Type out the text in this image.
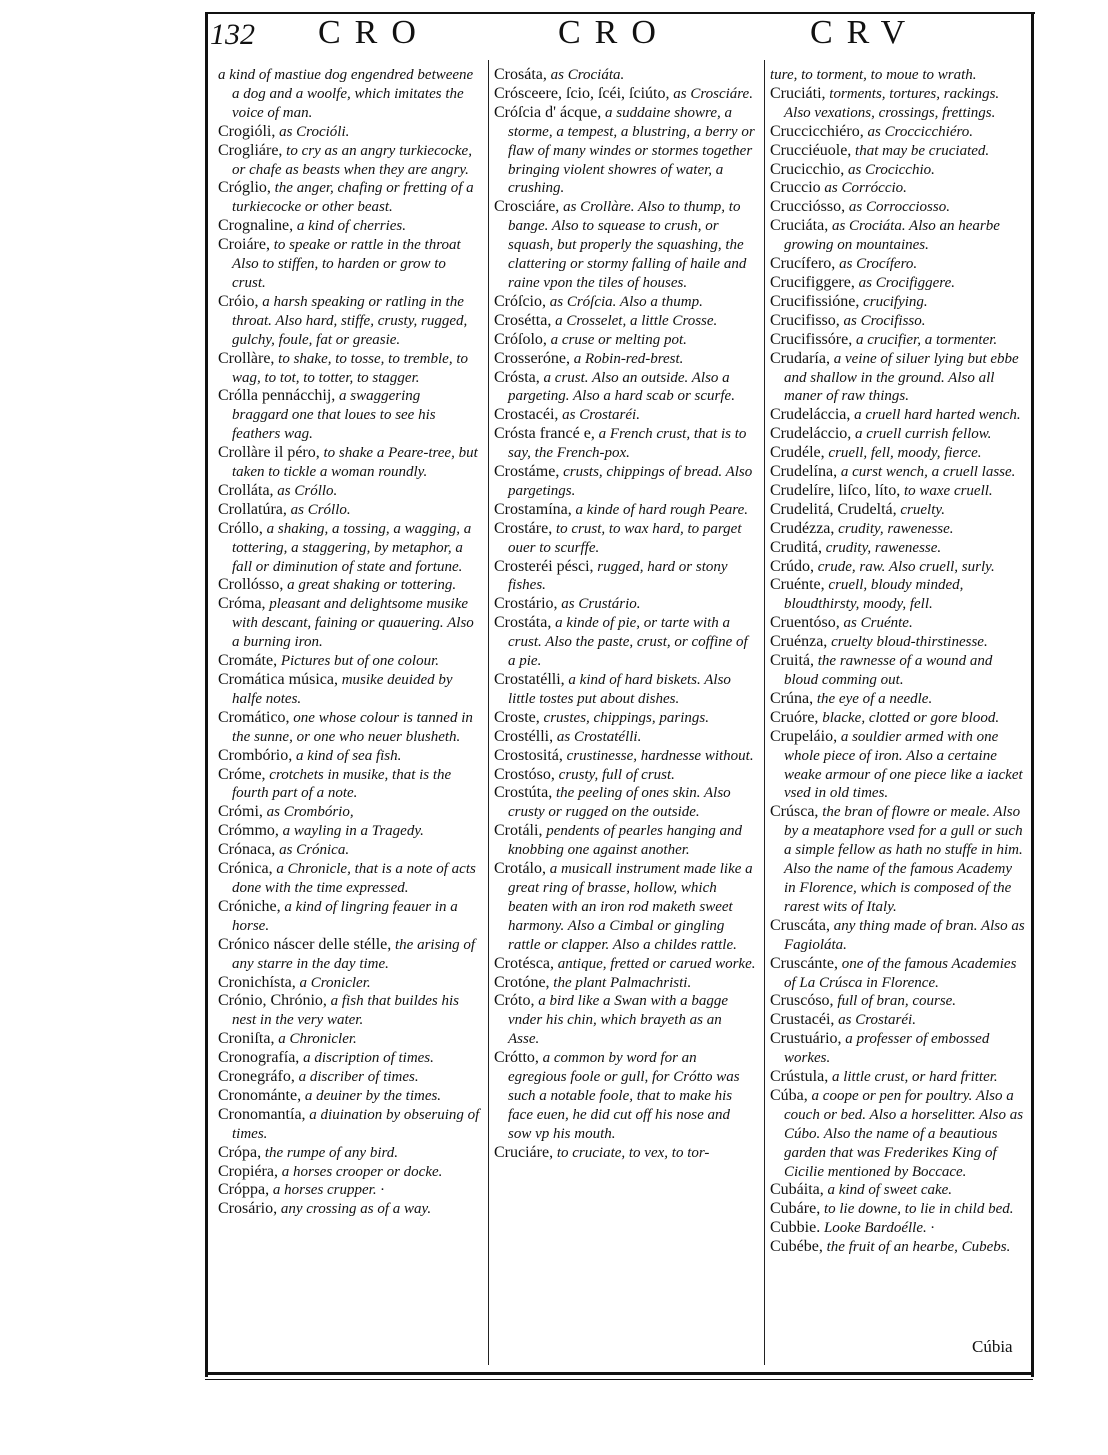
132 CRO	CRO	CRV

a kind of mastiue dog engendred betweene a dog and a woolfe, which imitates the voice of man.

Crogióli, as Crocióli.

Crogliáre, to cry as an angry turkiecocke, or chafe as beasts when they are angry.

Cróglio, the anger, chafing or fretting of a turkiecocke or other beast.

Crognaline, a kind of cherries.

Croiáre, to speake or rattle in the throat Also to stiffen, to harden or grow to crust.

Cróio, a harsh speaking or ratling in the throat. Also hard, stiffe, crusty, rugged, gulchy, foule, fat or greasie.

Crollàre, to shake, to tosse, to tremble, to wag, to tot, to totter, to stagger.

Crólla pennácchij, a swaggering braggard one that loues to see his feathers wag.

Crollàre il péro, to shake a Peare-tree, but taken to tickle a woman roundly.

Crolláta, as Cróllo.

Crollatúra, as Cróllo.

Cróllo, a shaking, a tossing, a wagging, a tottering, a staggering, by metaphor, a fall or diminution of state and fortune.

Crollósso, a great shaking or tottering.

Cróma, pleasant and delightsome musike with descant, faining or quauering. Also a burning iron.

Cromáte, Pictures but of one colour.

Cromática música, musike deuided by halfe notes.

Cromático, one whose colour is tanned in the sunne, or one who neuer blusheth.

Crombório, a kind of sea fish.

Cróme, crotchets in musike, that is the fourth part of a note.

Crómi, as Crombório,

Crómmo, a wayling in a Tragedy.

Crónaca, as Crónica.

Crónica, a Chronicle, that is a note of acts done with the time expressed.

Cróniche, a kind of lingring feauer in a horse.

Crónico náscer delle stélle, the arising of any starre in the day time.

Cronichísta, a Cronicler.

Crónio, Chrónio, a fish that buildes his nest in the very water.

Croniſta, a Chronicler.

Cronografía, a discription of times.

Cronegráfo, a discriber of times.

Cronománte, a deuiner by the times.

Cronomantía, a diuination by obseruing of times.

Crópa, the rumpe of any bird.

Cropiéra, a horses crooper or docke.

Cróppa, a horses crupper. ·

Crosário, any crossing as of a way.

Crosáta, as Crociáta.

Crósceere, ſcio, ſcéi, ſciúto, as Crosciáre.

Cróſcia d' ácque, a suddaine showre, a storme, a tempest, a blustring, a berry or flaw of many windes or stormes together bringing violent showres of water, a crushing.

Crosciáre, as Crollàre. Also to thump, to bange. Also to squease to crush, or squash, but properly the squashing, the clattering or stormy falling of haile and raine vpon the tiles of houses.

Cróſcio, as Cróſcia. Also a thump.

Crosétta, a Crosselet, a little Crosse.

Cróſolo, a cruse or melting pot.

Crosseróne, a Robin-red-brest.

Crósta, a crust. Also an outside. Also a pargeting. Also a hard scab or scurfe.

Crostacéi, as Crostaréi.

Crósta francé e, a French crust, that is to say, the French-pox.

Crostáme, crusts, chippings of bread. Also pargetings.

Crostamína, a kinde of hard rough Peare.

Crostáre, to crust, to wax hard, to parget ouer to scurffe.

Crosteréi pésci, rugged, hard or stony fishes.

Crostário, as Crustário.

Crostáta, a kinde of pie, or tarte with a crust. Also the paste, crust, or coffine of a pie.

Crostatélli, a kind of hard biskets. Also little tostes put about dishes.

Croste, crustes, chippings, parings.

Crostélli, as Crostatélli.

Crostositá, crustinesse, hardnesse without.

Crostóso, crusty, full of crust.

Crostúta, the peeling of ones skin. Also crusty or rugged on the outside.

Crotáli, pendents of pearles hanging and knobbing one against another.

Crotálo, a musicall instrument made like a great ring of brasse, hollow, which beaten with an iron rod maketh sweet harmony. Also a Cimbal or gingling rattle or clapper. Also a childes rattle.

Crotésca, antique, fretted or carued worke.

Crotóne, the plant Palmachristi.

Cróto, a bird like a Swan with a bagge vnder his chin, which brayeth as an Asse.

Crótto, a common by word for an egregious foole or gull, for Crótto was such a notable foole, that to make his face euen, he did cut off his nose and sow vp his mouth.

Cruciáre, to cruciate, to vex, to tor-

ture, to torment, to moue to wrath.

Cruciáti, torments, tortures, rackings. Also vexations, crossings, frettings.

Cruccicchiéro, as Croccicchiéro.

Crucciéuole, that may be cruciated.

Crucicchio, as Crocicchio.

Cruccio as Corróccio.

Crucciósso, as Corrocciosso.

Cruciáta, as Crociáta. Also an hearbe growing on mountaines.

Crucífero, as Crocífero.

Crucifiggere, as Crocifiggere.

Crucifissióne, crucifying.

Crucifisso, as Crocifisso.

Crucifissóre, a crucifier, a tormenter.

Crudaría, a veine of siluer lying but ebbe and shallow in the ground. Also all maner of raw things.

Crudeláccia, a cruell hard harted wench.

Crudeláccio, a cruell currish fellow.

Crudéle, cruell, fell, moody, fierce.

Crudelína, a curst wench, a cruell lasse.

Crudelíre, liſco, líto, to waxe cruell.

Crudelitá, Crudeltá, cruelty.

Crudézza, crudity, rawenesse.

Cruditá, crudity, rawenesse.

Crúdo, crude, raw. Also cruell, surly.

Cruénte, cruell, bloudy minded, bloudthirsty, moody, fell.

Cruentóso, as Cruénte.

Cruénza, cruelty bloud-thirstinesse.

Cruitá, the rawnesse of a wound and bloud comming out.

Crúna, the eye of a needle.

Cruóre, blacke, clotted or gore blood.

Crupeláio, a souldier armed with one whole piece of iron. Also a certaine weake armour of one piece like a iacket vsed in old times.

Crúsca, the bran of flowre or meale. Also by a meataphore vsed for a gull or such a simple fellow as hath no stuffe in him. Also the name of the famous Academy in Florence, which is composed of the rarest wits of Italy.

Cruscáta, any thing made of bran. Also as Fagioláta.

Cruscánte, one of the famous Academies of La Crúsca in Florence.

Cruscóso, full of bran, course.

Crustacéi, as Crostaréi.

Crustuário, a professer of embossed workes.

Crústula, a little crust, or hard fritter.

Cúba, a coope or pen for poultry. Also a couch or bed. Also a horselitter. Also as Cúbo. Also the name of a beautious garden that was Frederikes King of Cicilie mentioned by Boccace.

Cubáita, a kind of sweet cake.

Cubáre, to lie downe, to lie in child bed.

Cubbie. Looke Bardoélle. ·

Cubébe, the fruit of an hearbe, Cubebs.

Cúbia
